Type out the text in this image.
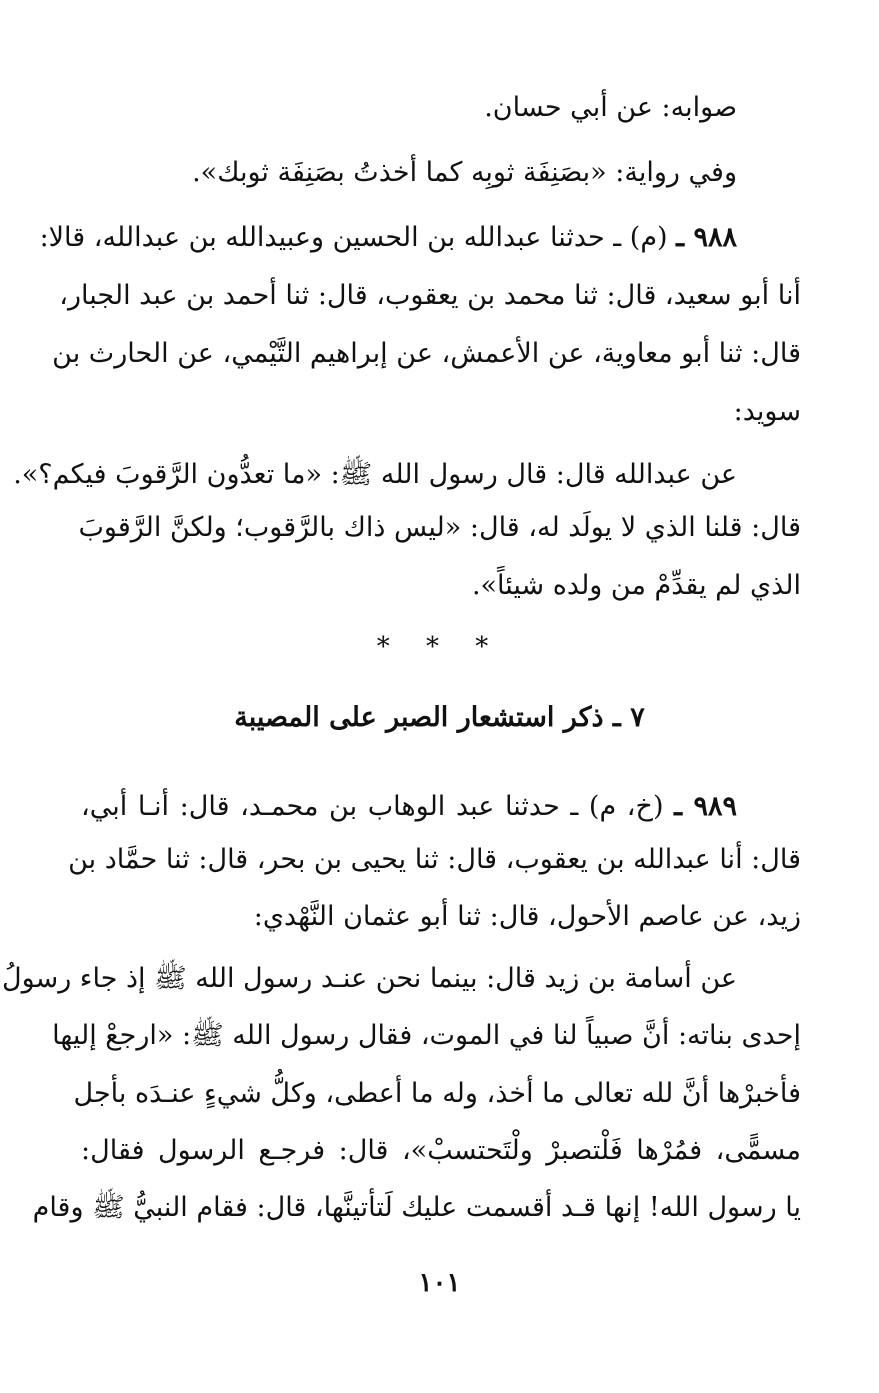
صوابه: عن أبي حسان.
وفي رواية: «بصَنِفَة ثوبِه كما أخذتُ بصَنِفَة ثوبك».
٩٨٨ ـ (م) ـ حدثنا عبدالله بن الحسين وعبيدالله بن عبدالله، قالا:
أنا أبو سعيد، قال: ثنا محمد بن يعقوب، قال: ثنا أحمد بن عبد الجبار،
قال: ثنا أبو معاوية، عن الأعمش، عن إبراهيم التَّيْمي، عن الحارث بن
سويد:
عن عبدالله قال: قال رسول الله ﷺ: «ما تعدُّون الرَّقوبَ فيكم؟».
قال: قلنا الذي لا يولَد له، قال: «ليس ذاك بالرَّقوب؛ ولكنَّ الرَّقوبَ
الذي لم يقدِّمْ من ولده شيئاً».
* * *
٧ ـ ذكر استشعار الصبر على المصيبة
٩٨٩ ـ (خ، م) ـ حدثنا عبد الوهاب بن محمـد، قال: أنـا أبي،
قال: أنا عبدالله بن يعقوب، قال: ثنا يحيى بن بحر، قال: ثنا حمَّاد بن
زيد، عن عاصم الأحول، قال: ثنا أبو عثمان النَّهْدي:
عن أسامة بن زيد قال: بينما نحن عنـد رسول الله ﷺ إذ جاء رسولُ
إحدى بناته: أنَّ صبياً لنا في الموت، فقال رسول الله ﷺ: «ارجعْ إليها
فأخبرْها أنَّ لله تعالى ما أخذ، وله ما أعطى، وكلُّ شيءٍ عنـدَه بأجل
مسمًّى، فمُرْها فَلْتصبرْ ولْتَحتسبْ»، قال: فرجـع الرسول فقال:
يا رسول الله! إنها قـد أقسمت عليك لَتأتينَّها، قال: فقام النبيُّ ﷺ وقام
١٠١
